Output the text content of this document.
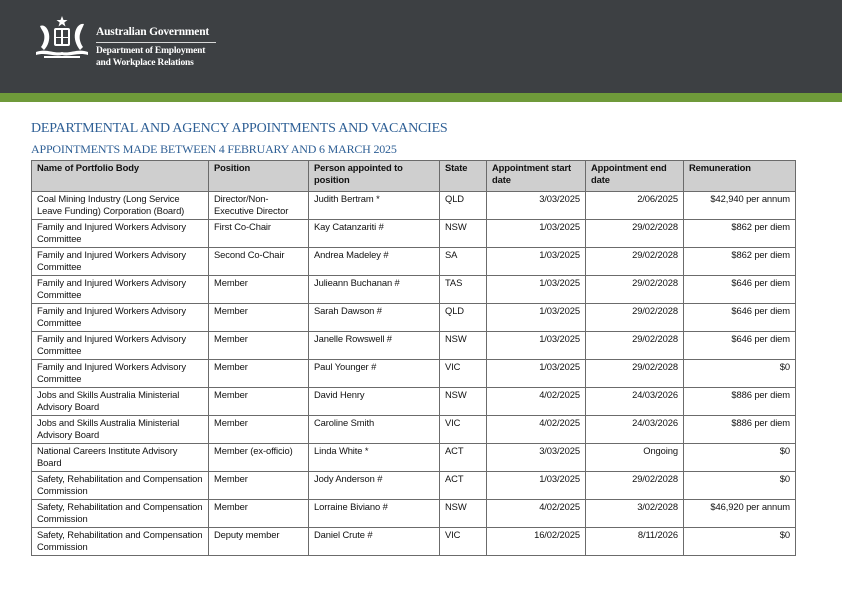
Australian Government
Department of Employment
and Workplace Relations
DEPARTMENTAL AND AGENCY APPOINTMENTS AND VACANCIES
APPOINTMENTS MADE BETWEEN 4 FEBRUARY AND 6 MARCH 2025
Name of Portfolio Body	Position	Person appointed to position	State	Appointment start date	Appointment end date	Remuneration
Coal Mining Industry (Long Service Leave Funding) Corporation (Board)	Director/Non-Executive Director	Judith Bertram *	QLD	3/03/2025	2/06/2025	$42,940 per annum
Family and Injured Workers Advisory Committee	First Co-Chair	Kay Catanzariti #	NSW	1/03/2025	29/02/2028	$862 per diem
Family and Injured Workers Advisory Committee	Second Co-Chair	Andrea Madeley #	SA	1/03/2025	29/02/2028	$862 per diem
Family and Injured Workers Advisory Committee	Member	Julieann Buchanan #	TAS	1/03/2025	29/02/2028	$646 per diem
Family and Injured Workers Advisory Committee	Member	Sarah Dawson #	QLD	1/03/2025	29/02/2028	$646 per diem
Family and Injured Workers Advisory Committee	Member	Janelle Rowswell #	NSW	1/03/2025	29/02/2028	$646 per diem
Family and Injured Workers Advisory Committee	Member	Paul Younger #	VIC	1/03/2025	29/02/2028	$0
Jobs and Skills Australia Ministerial Advisory Board	Member	David Henry	NSW	4/02/2025	24/03/2026	$886 per diem
Jobs and Skills Australia Ministerial Advisory Board	Member	Caroline Smith	VIC	4/02/2025	24/03/2026	$886 per diem
National Careers Institute Advisory Board	Member (ex-officio)	Linda White *	ACT	3/03/2025	Ongoing	$0
Safety, Rehabilitation and Compensation Commission	Member	Jody Anderson #	ACT	1/03/2025	29/02/2028	$0
Safety, Rehabilitation and Compensation Commission	Member	Lorraine Biviano #	NSW	4/02/2025	3/02/2028	$46,920 per annum
Safety, Rehabilitation and Compensation Commission	Deputy member	Daniel Crute #	VIC	16/02/2025	8/11/2026	$0
